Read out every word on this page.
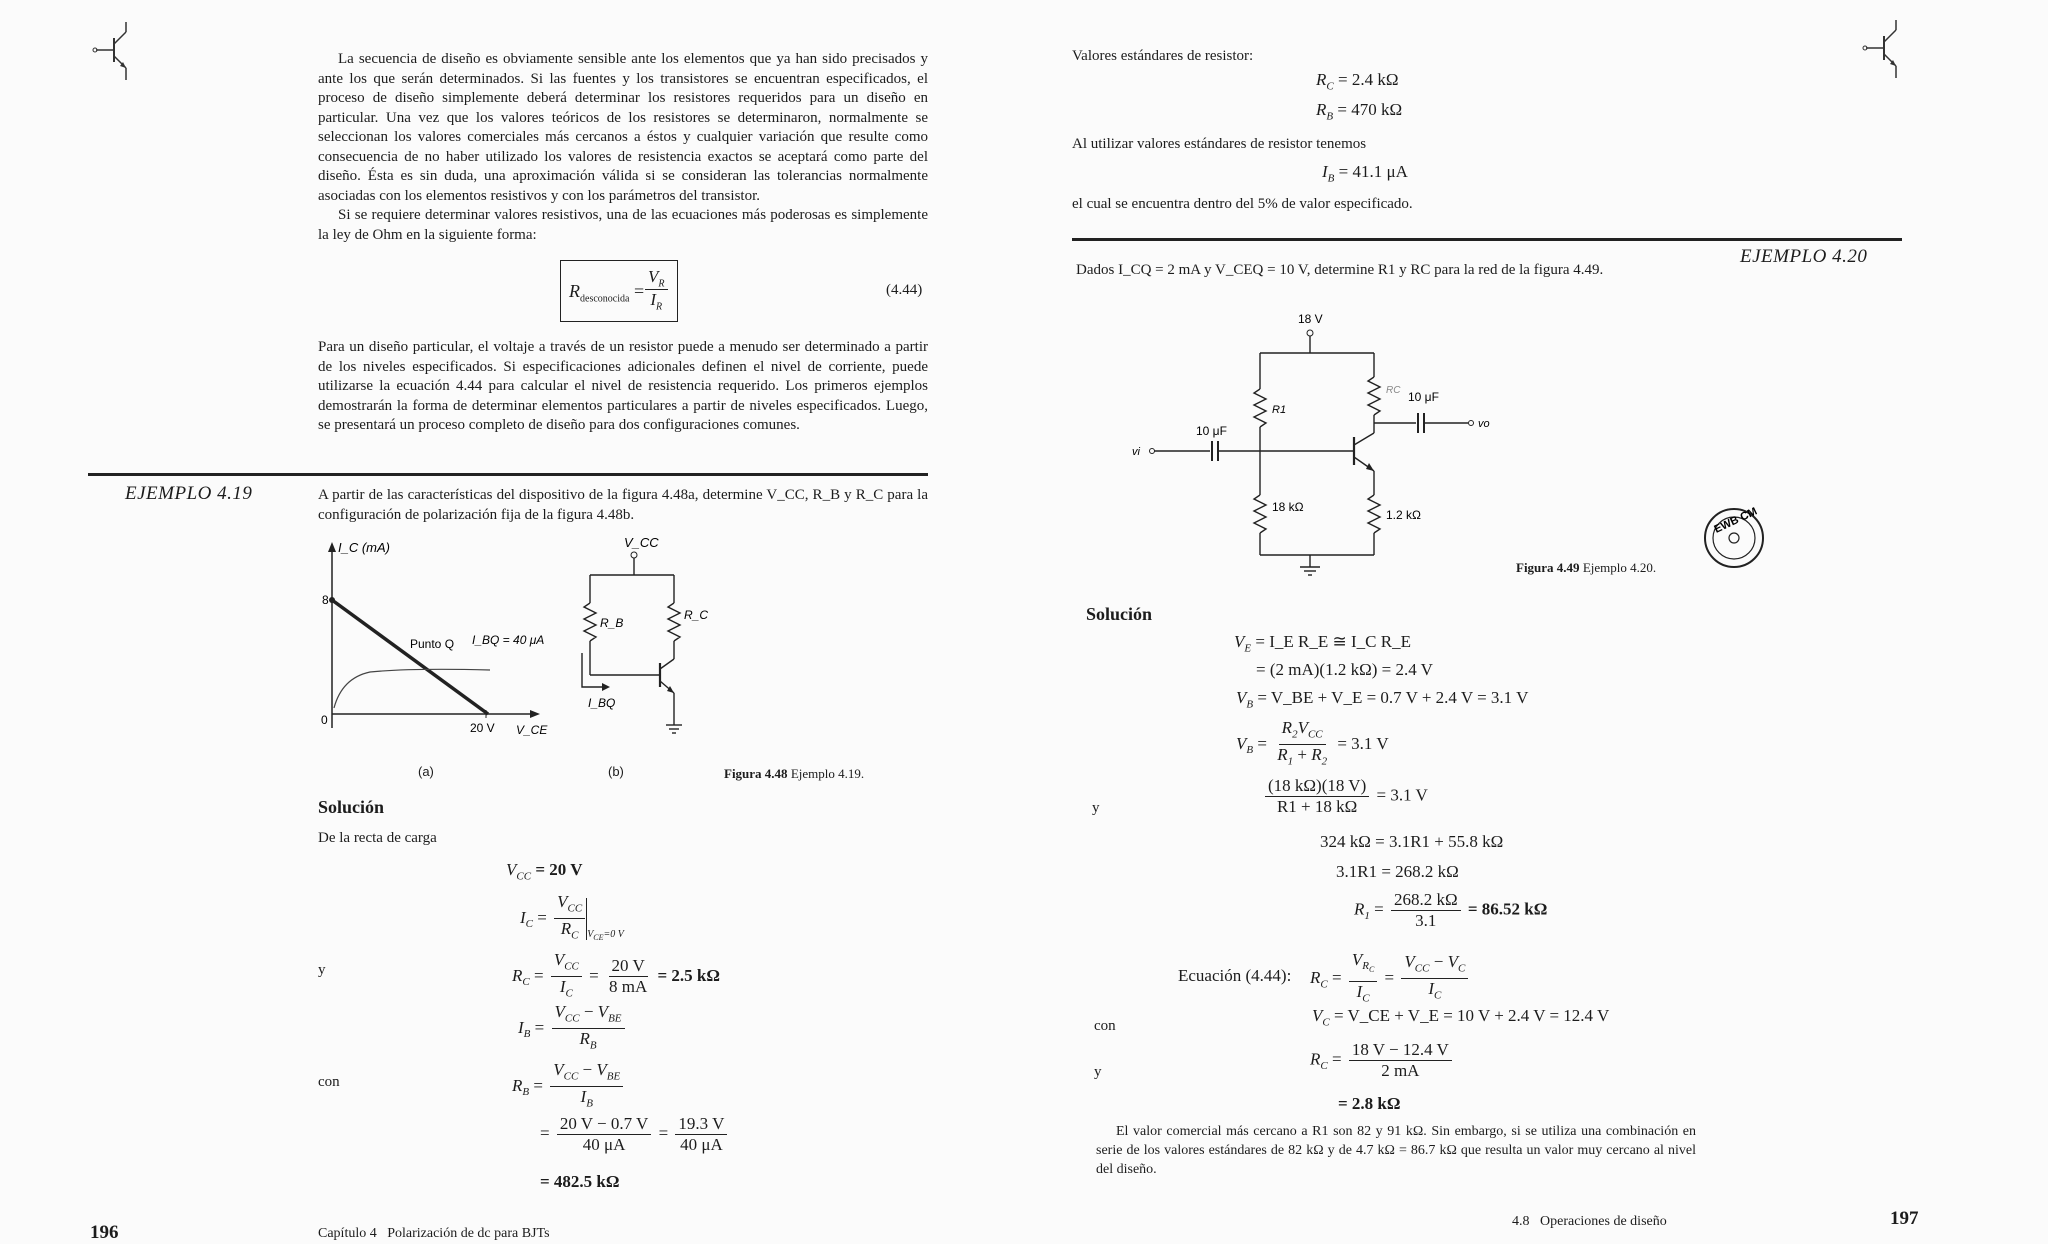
La secuencia de diseño es obviamente sensible ante los elementos que ya han sido precisados y ante los que serán determinados. Si las fuentes y los transistores se encuentran especificados, el proceso de diseño simplemente deberá determinar los resistores requeridos para un diseño en particular. Una vez que los valores teóricos de los resistores se determinaron, normalmente se seleccionan los valores comerciales más cercanos a éstos y cualquier variación que resulte como consecuencia de no haber utilizado los valores de resistencia exactos se aceptará como parte del diseño. Ésta es sin duda, una aproximación válida si se consideran las tolerancias normalmente asociadas con los elementos resistivos y con los parámetros del transistor.

Si se requiere determinar valores resistivos, una de las ecuaciones más poderosas es simplemente la ley de Ohm en la siguiente forma:

$R_{desconocida}$ =
$V_R$
$I_R$
(4.44)

Para un diseño particular, el voltaje a través de un resistor puede a menudo ser determinado a partir de los niveles especificados. Si especificaciones adicionales definen el nivel de corriente, puede utilizarse la ecuación 4.44 para calcular el nivel de resistencia requerido. Los primeros ejemplos demostrarán la forma de determinar elementos particulares a partir de niveles especificados. Luego, se presentará un proceso completo de diseño para dos configuraciones comunes.

EJEMPLO 4.19	A partir de las características del dispositivo de la figura 4.48a, determine V_CC, R_B y R_C para la configuración de polarización fija de la figura 4.48b.

I_C (mA)
8
0
20 V V_CE
Punto Q I_BQ = 40 μA
V_CC
R_B
R_C
I_BQ
(a)	(b)	Figura 4.48 Ejemplo 4.19.
Solución
De la recta de carga
$V_{CC} = 20$ V
$I_C = \frac{V_{CC}}{R_C} _{V_{CE}=0 V}$
y	$R_C = \frac{V_{CC}}{I_C} = \frac{20 V}{8 mA} = 2.5$ kΩ
$I_B = \frac{V_{CC} - V_{BE}}{R_B}$
con	$R_B = \frac{V_{CC} - V_{BE}}{I_B}$
= $\frac{20 V - 0.7 V}{40 \mu A} = \frac{19.3 V}{40 \mu A}$
= 482.5 kΩ
196	Capítulo 4   Polarización de dc para BJTs
Valores estándares de resistor:
$R_C = 2.4$ kΩ
$R_B = 470$ kΩ
Al utilizar valores estándares de resistor tenemos
$I_B = 41.1$ μA
el cual se encuentra dentro del 5% de valor especificado.
Dados I_CQ = 2 mA y V_CEQ = 10 V, determine R1 y RC para la red de la figura 4.49.
EJEMPLO 4.20
18 V
R1
RC 10 μF
10 μF
vi
vo
18 kΩ
1.2 kΩ	EWB CM
Figura 4.49 Ejemplo 4.20.
Solución
$V_E$ = I_E R_E ≅ I_C R_E
= (2 mA)(1.2 kΩ) = 2.4 V
$V_B$ = V_BE + V_E = 0.7 V + 2.4 V = 3.1 V
$V_B = \frac{R_2V_{CC}}{R_1 + R_2} = 3.1$ V
y	$\frac{(18 k\Omega)(18 V)}{R1 + 18 k\Omega} = 3.1$ V
324 kΩ = 3.1R1 + 55.8 kΩ
3.1R1 = 268.2 kΩ
$R_1 = \frac{268.2 k\Omega}{3.1} = 86.52$ kΩ
Ecuación (4.44): $R_C = \frac{V_{R_C}}{I_C} = \frac{V_{CC} - V_C}{I_C}$
con
$V_C$ = V_CE + V_E = 10 V + 2.4 V = 12.4 V
y
$R_C = \frac{18 V - 12.4 V}{2 mA}$
= 2.8 kΩ

El valor comercial más cercano a R1 son 82 y 91 kΩ. Sin embargo, si se utiliza una combinación en serie de los valores estándares de 82 kΩ y de 4.7 kΩ = 86.7 kΩ que resulta un valor muy cercano al nivel del diseño.

4.8   Operaciones de diseño	197
